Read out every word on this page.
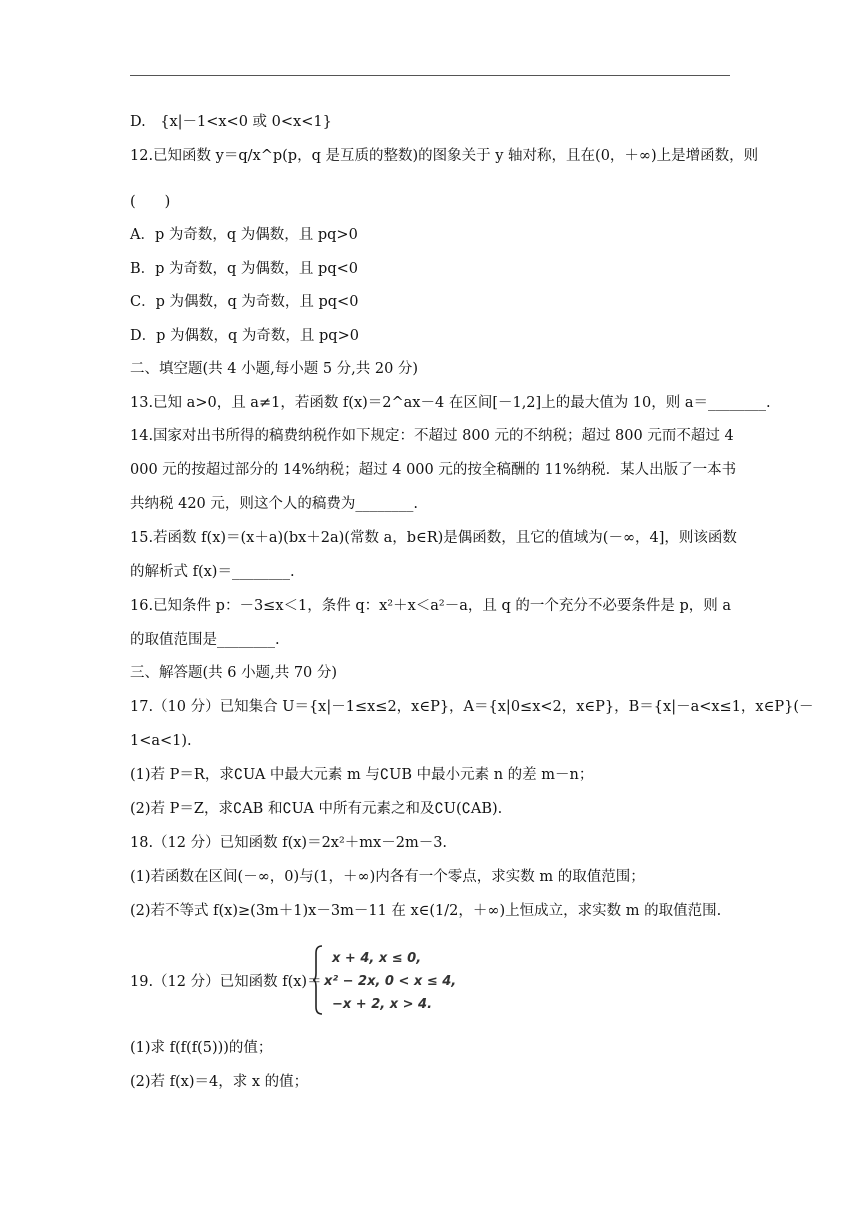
D.　{x|－1<x<0 或 0<x<1}
12.已知函数 y＝q/x^p(p，q 是互质的整数)的图象关于 y 轴对称，且在(0，＋∞)上是增函数，则
(　　)
A．p 为奇数，q 为偶数，且 pq>0
B．p 为奇数，q 为偶数，且 pq<0
C．p 为偶数，q 为奇数，且 pq<0
D．p 为偶数，q 为奇数，且 pq>0
二、填空题(共 4 小题,每小题 5 分,共 20 分)
13.已知 a>0，且 a≠1，若函数 f(x)＝2^ax－4 在区间[－1,2]上的最大值为 10，则 a＝________.
14.国家对出书所得的稿费纳税作如下规定：不超过 800 元的不纳税；超过 800 元而不超过 4
000 元的按超过部分的 14%纳税；超过 4 000 元的按全稿酬的 11%纳税．某人出版了一本书
共纳税 420 元，则这个人的稿费为________.
15.若函数 f(x)＝(x＋a)(bx＋2a)(常数 a，b∈R)是偶函数，且它的值域为(－∞，4]，则该函数
的解析式 f(x)＝________.
16.已知条件 p：－3≤x＜1，条件 q：x²＋x＜a²－a，且 q 的一个充分不必要条件是 p，则 a
的取值范围是________.
三、解答题(共 6 小题,共 70 分)
17.（10 分）已知集合 U＝{x|－1≤x≤2，x∈P}，A＝{x|0≤x<2，x∈P}，B＝{x|－a<x≤1，x∈P}(－
1<a<1).
(1)若 P＝R，求∁UA 中最大元素 m 与∁UB 中最小元素 n 的差 m－n；
(2)若 P＝Z，求∁AB 和∁UA 中所有元素之和及∁U(∁AB).
18.（12 分）已知函数 f(x)＝2x²＋mx－2m－3.
(1)若函数在区间(－∞，0)与(1，＋∞)内各有一个零点，求实数 m 的取值范围；
(2)若不等式 f(x)≥(3m＋1)x－3m－11 在 x∈(1/2，＋∞)上恒成立，求实数 m 的取值范围.
19.（12 分）已知函数 f(x)＝
x + 4, x ≤ 0,
x² − 2x, 0 < x ≤ 4,
−x + 2, x > 4.
(1)求 f(f(f(5)))的值；
(2)若 f(x)＝4，求 x 的值；
